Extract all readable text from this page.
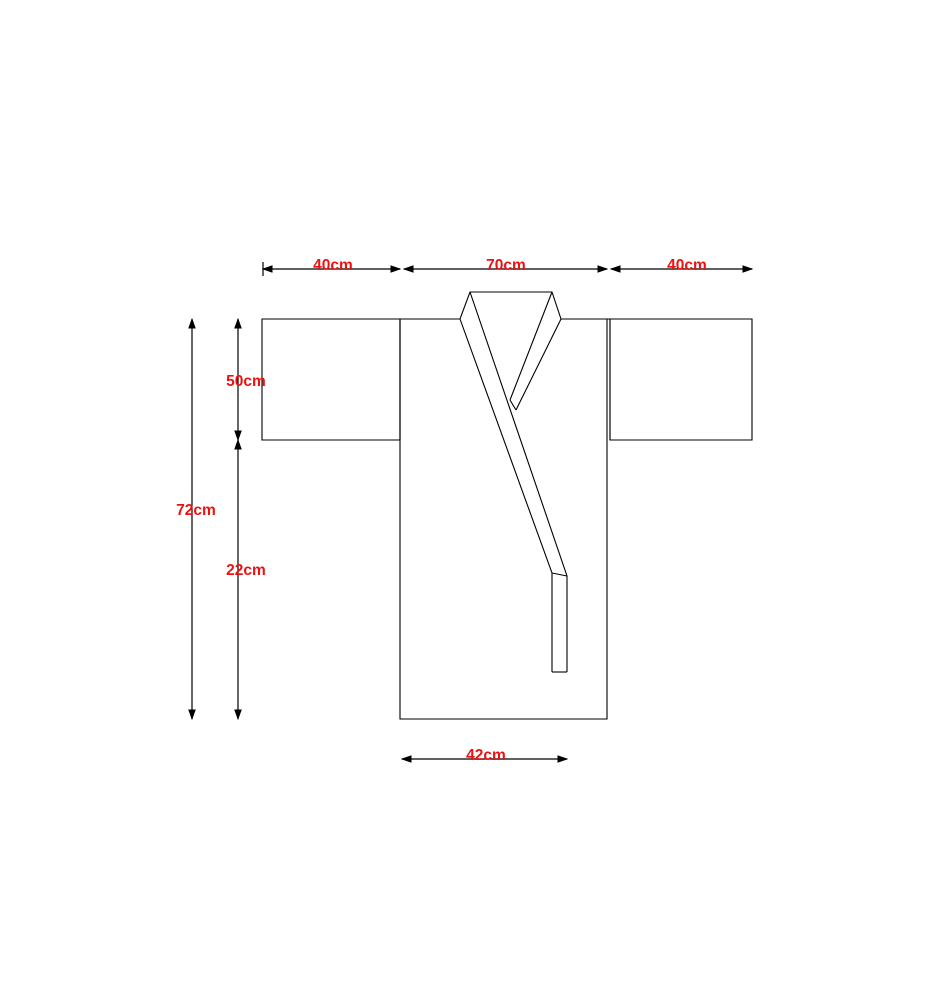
40cm	70cm	40cm
50cm
22cm
72cm
42cm
